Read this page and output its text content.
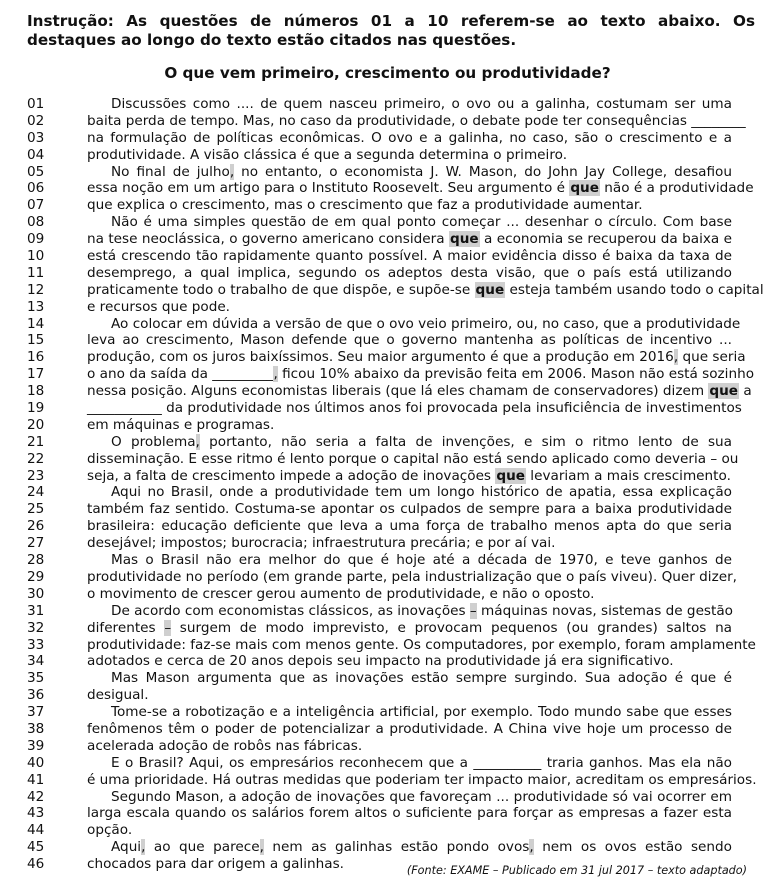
Instrução: As questões de números 01 a 10 referem-se ao texto abaixo. Os destaques ao longo do texto estão citados nas questões.
O que vem primeiro, crescimento ou produtividade?
01	Discussões como .... de quem nasceu primeiro, o ovo ou a galinha, costumam ser uma
02	baita perda de tempo. Mas, no caso da produtividade, o debate pode ter consequências ________
03	na formulação de políticas econômicas. O ovo e a galinha, no caso, são o crescimento e a
04	produtividade. A visão clássica é que a segunda determina o primeiro.
05	No final de julho, no entanto, o economista J. W. Mason, do John Jay College, desafiou
06	essa noção em um artigo para o Instituto Roosevelt. Seu argumento é que não é a produtividade
07	que explica o crescimento, mas o crescimento que faz a produtividade aumentar.
08	Não é uma simples questão de em qual ponto começar ... desenhar o círculo. Com base
09	na tese neoclássica, o governo americano considera que a economia se recuperou da baixa e
10	está crescendo tão rapidamente quanto possível. A maior evidência disso é baixa da taxa de
11	desemprego, a qual implica, segundo os adeptos desta visão, que o país está utilizando
12	praticamente todo o trabalho de que dispõe, e supõe-se que esteja também usando todo o capital
13	e recursos que pode.
14	Ao colocar em dúvida a versão de que o ovo veio primeiro, ou, no caso, que a produtividade
15	leva ao crescimento, Mason defende que o governo mantenha as políticas de incentivo ...
16	produção, com os juros baixíssimos. Seu maior argumento é que a produção em 2016, que seria
17	o ano da saída da _________, ficou 10% abaixo da previsão feita em 2006. Mason não está sozinho
18	nessa posição. Alguns economistas liberais (que lá eles chamam de conservadores) dizem que a
19	___________ da produtividade nos últimos anos foi provocada pela insuficiência de investimentos
20	em máquinas e programas.
21	O problema, portanto, não seria a falta de invenções, e sim o ritmo lento de sua
22	disseminação. E esse ritmo é lento porque o capital não está sendo aplicado como deveria – ou
23	seja, a falta de crescimento impede a adoção de inovações que levariam a mais crescimento.
24	Aqui no Brasil, onde a produtividade tem um longo histórico de apatia, essa explicação
25	também faz sentido. Costuma-se apontar os culpados de sempre para a baixa produtividade
26	brasileira: educação deficiente que leva a uma força de trabalho menos apta do que seria
27	desejável; impostos; burocracia; infraestrutura precária; e por aí vai.
28	Mas o Brasil não era melhor do que é hoje até a década de 1970, e teve ganhos de
29	produtividade no período (em grande parte, pela industrialização que o país viveu). Quer dizer,
30	o movimento de crescer gerou aumento de produtividade, e não o oposto.
31	De acordo com economistas clássicos, as inovações – máquinas novas, sistemas de gestão
32	diferentes – surgem de modo imprevisto, e provocam pequenos (ou grandes) saltos na
33	produtividade: faz-se mais com menos gente. Os computadores, por exemplo, foram amplamente
34	adotados e cerca de 20 anos depois seu impacto na produtividade já era significativo.
35	Mas Mason argumenta que as inovações estão sempre surgindo. Sua adoção é que é
36	desigual.
37	Tome-se a robotização e a inteligência artificial, por exemplo. Todo mundo sabe que esses
38	fenômenos têm o poder de potencializar a produtividade. A China vive hoje um processo de
39	acelerada adoção de robôs nas fábricas.
40	E o Brasil? Aqui, os empresários reconhecem que a __________ traria ganhos. Mas ela não
41	é uma prioridade. Há outras medidas que poderiam ter impacto maior, acreditam os empresários.
42	Segundo Mason, a adoção de inovações que favoreçam ... produtividade só vai ocorrer em
43	larga escala quando os salários forem altos o suficiente para forçar as empresas a fazer esta
44	opção.
45	Aqui, ao que parece, nem as galinhas estão pondo ovos, nem os ovos estão sendo
46	chocados para dar origem a galinhas.	(Fonte: EXAME – Publicado em 31 jul 2017 – texto adaptado)
